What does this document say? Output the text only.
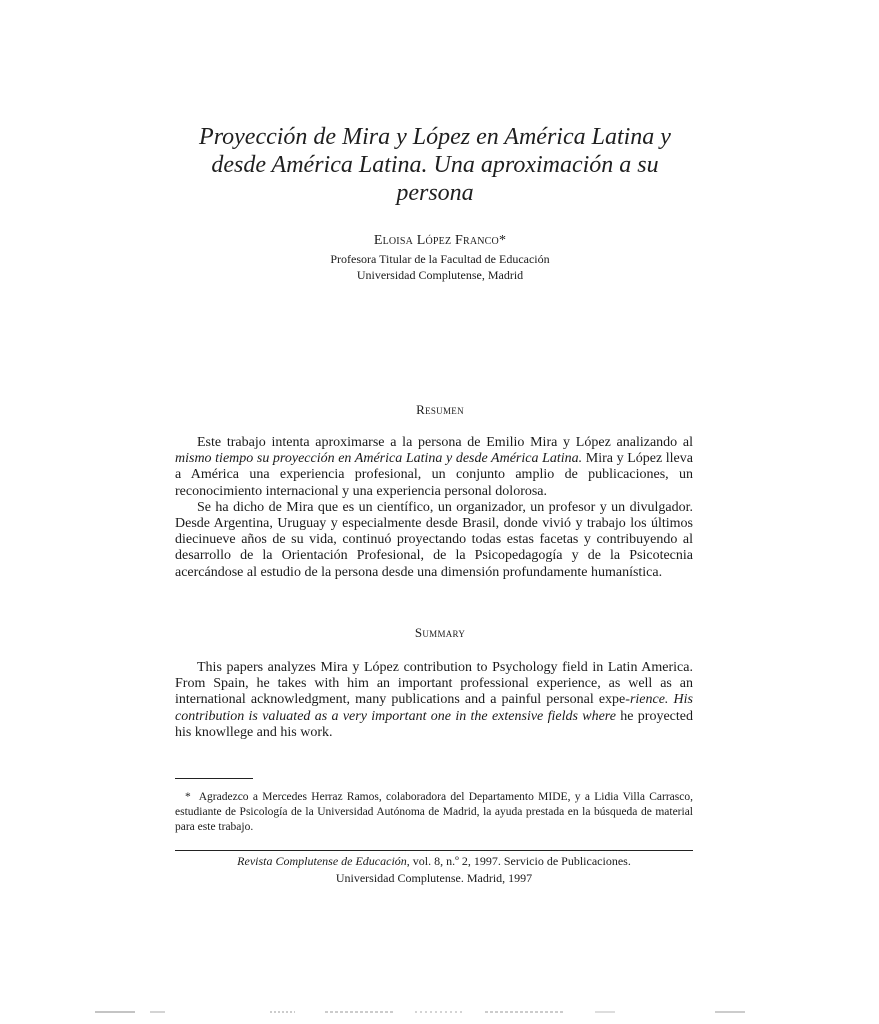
Proyección de Mira y López en América Latina y
desde América Latina. Una aproximación a su
persona
Eloisa López Franco*
Profesora Titular de la Facultad de Educación
Universidad Complutense, Madrid
Resumen

Este trabajo intenta aproximarse a la persona de Emilio Mira y López analizando al mismo tiempo su proyección en América Latina y desde América Latina. Mira y López lleva a América una experiencia profesional, un conjunto amplio de publicaciones, un reconocimiento internacional y una experiencia personal dolorosa.

Se ha dicho de Mira que es un científico, un organizador, un profesor y un divulgador. Desde Argentina, Uruguay y especialmente desde Brasil, donde vivió y trabajo los últimos diecinueve años de su vida, continuó proyectando todas estas facetas y contribuyendo al desarrollo de la Orientación Profesional, de la Psicopedagogía y de la Psicotecnia acercándose al estudio de la persona desde una dimensión profundamente humanística.

Summary

This papers analyzes Mira y López contribution to Psychology field in Latin America. From Spain, he takes with him an important professional experience, as well as an international acknowledgment, many publications and a painful personal expe-rience. His contribution is valuated as a very important one in the extensive fields where he proyected his knowllege and his work.

* Agradezco a Mercedes Herraz Ramos, colaboradora del Departamento MIDE, y a Lidia Villa Carrasco, estudiante de Psicología de la Universidad Autónoma de Madrid, la ayuda prestada en la búsqueda de material para este trabajo.

Revista Complutense de Educación, vol. 8, n.º 2, 1997. Servicio de Publicaciones.
Universidad Complutense. Madrid, 1997
